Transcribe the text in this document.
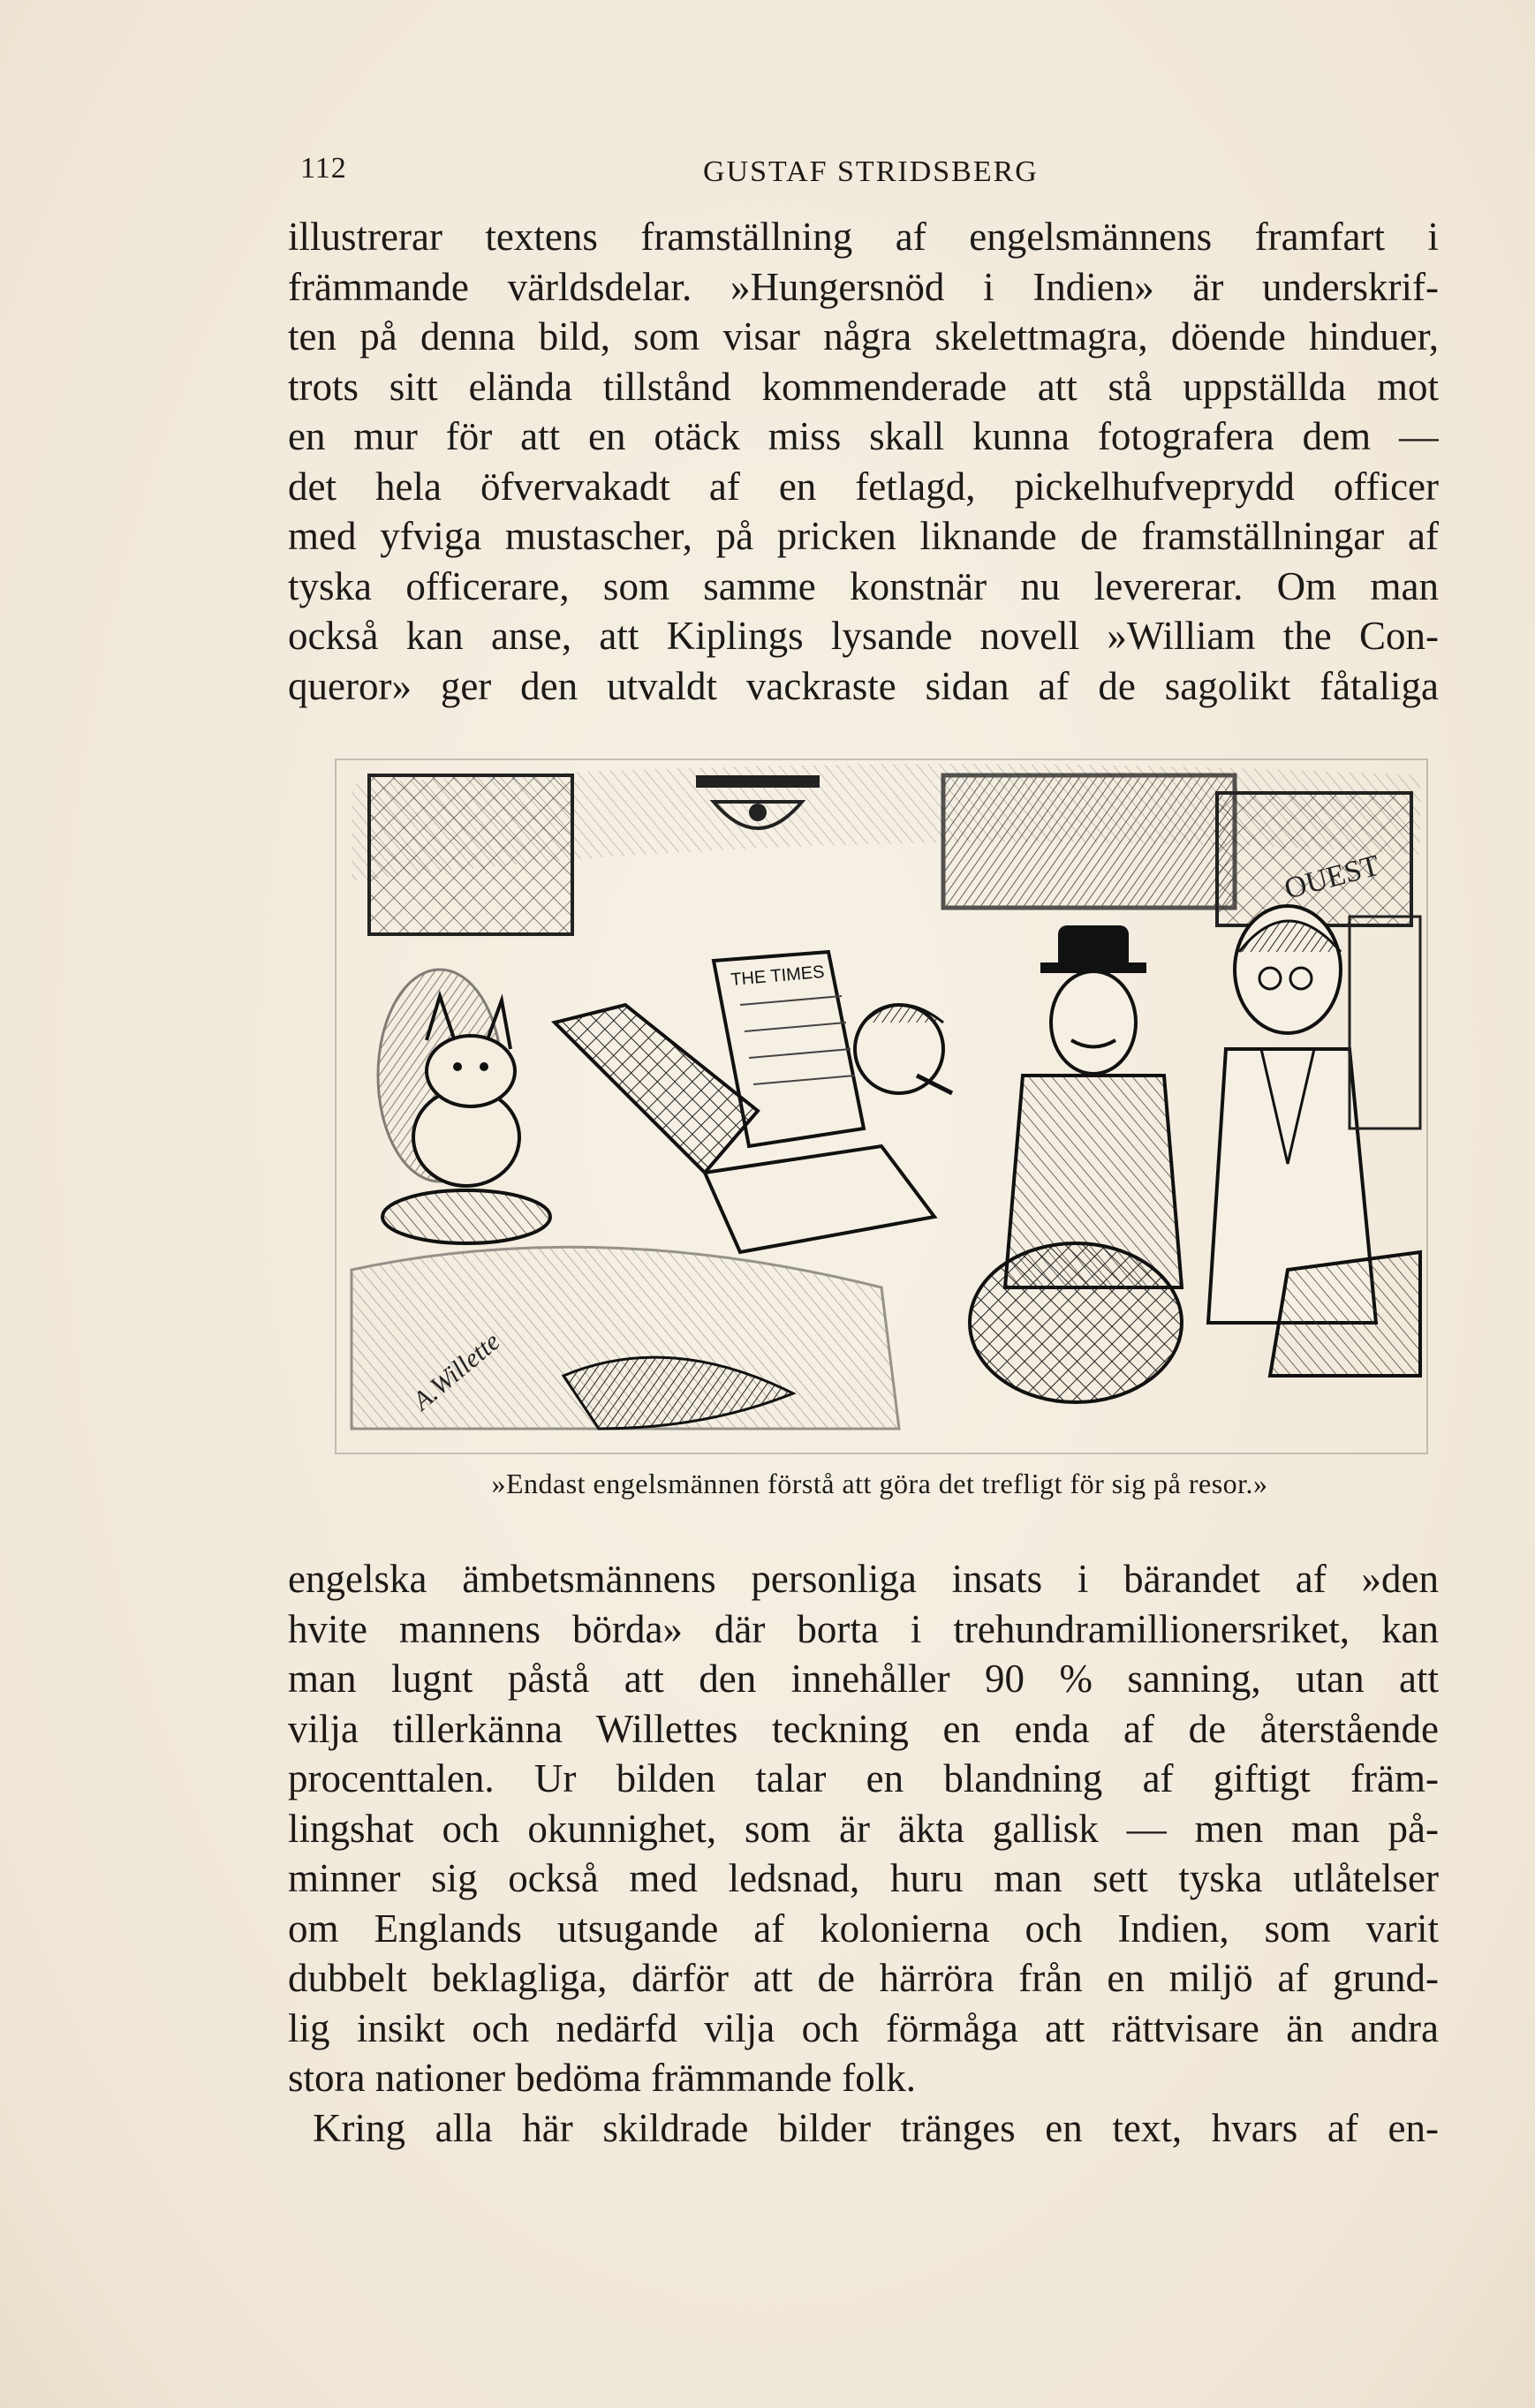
112	GUSTAF STRIDSBERG

illustrerar textens framställning af engelsmännens framfart i
främmande världsdelar. »Hungersnöd i Indien» är underskrif-
ten på denna bild, som visar några skelettmagra, döende hinduer,
trots sitt elända tillstånd kommenderade att stå uppställda mot
en mur för att en otäck miss skall kunna fotografera dem —
det hela öfvervakadt af en fetlagd, pickelhufveprydd officer
med yfviga mustascher, på pricken liknande de framställningar af
tyska officerare, som samme konstnär nu levererar. Om man
också kan anse, att Kiplings lysande novell »William the Con-
queror» ger den utvaldt vackraste sidan af de sagolikt fåtaliga

OUEST
THE TIMES
A.Willette
»Endast engelsmännen förstå att göra det trefligt för sig på resor.»

engelska ämbetsmännens personliga insats i bärandet af »den
hvite mannens börda» där borta i trehundramillionersriket, kan
man lugnt påstå att den innehåller 90 % sanning, utan att
vilja tillerkänna Willettes teckning en enda af de återstående
procenttalen. Ur bilden talar en blandning af giftigt främ-
lingshat och okunnighet, som är äkta gallisk — men man på-
minner sig också med ledsnad, huru man sett tyska utlåtelser
om Englands utsugande af kolonierna och Indien, som varit
dubbelt beklagliga, därför att de härröra från en miljö af grund-
lig insikt och nedärfd vilja och förmåga att rättvisare än andra
stora nationer bedöma främmande folk.

Kring alla här skildrade bilder tränges en text, hvars af en-
